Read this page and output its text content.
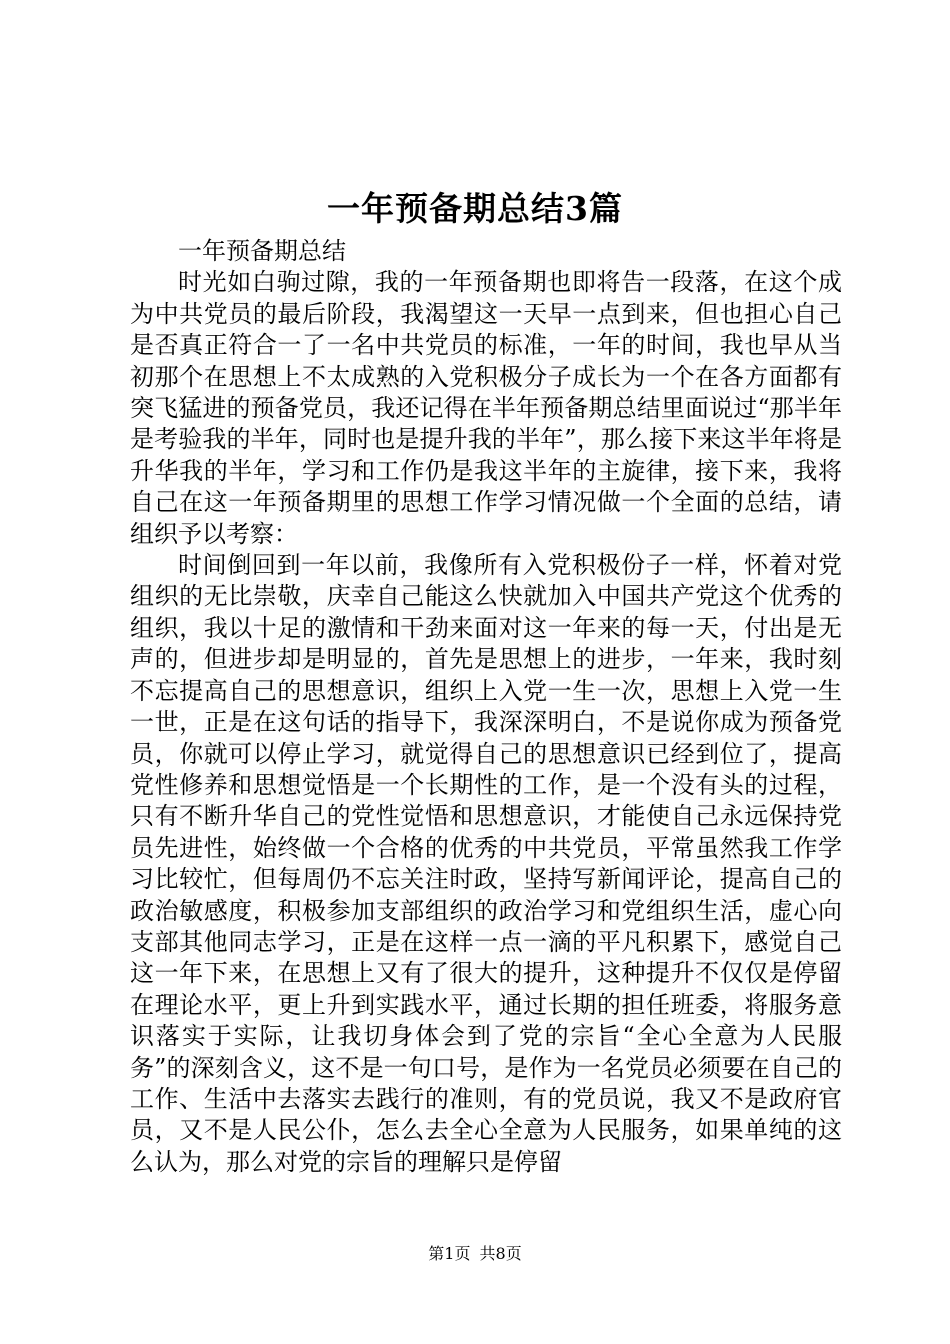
一年预备期总结3篇

一年预备期总结

时光如白驹过隙，我的一年预备期也即将告一段落，在这个成为中共党员的最后阶段，我渴望这一天早一点到来，但也担心自己是否真正符合一了一名中共党员的标准，一年的时间，我也早从当初那个在思想上不太成熟的入党积极分子成长为一个在各方面都有突飞猛进的预备党员，我还记得在半年预备期总结里面说过“那半年是考验我的半年，同时也是提升我的半年”，那么接下来这半年将是升华我的半年，学习和工作仍是我这半年的主旋律，接下来，我将自己在这一年预备期里的思想工作学习情况做一个全面的总结，请组织予以考察：

时间倒回到一年以前，我像所有入党积极份子一样，怀着对党组织的无比崇敬，庆幸自己能这么快就加入中国共产党这个优秀的组织，我以十足的激情和干劲来面对这一年来的每一天，付出是无声的，但进步却是明显的，首先是思想上的进步，一年来，我时刻不忘提高自己的思想意识，组织上入党一生一次，思想上入党一生一世，正是在这句话的指导下，我深深明白，不是说你成为预备党员，你就可以停止学习，就觉得自己的思想意识已经到位了，提高党性修养和思想觉悟是一个长期性的工作，是一个没有头的过程，只有不断升华自己的党性觉悟和思想意识，才能使自己永远保持党员先进性，始终做一个合格的优秀的中共党员，平常虽然我工作学习比较忙，但每周仍不忘关注时政，坚持写新闻评论，提高自己的政治敏感度，积极参加支部组织的政治学习和党组织生活，虚心向支部其他同志学习，正是在这样一点一滴的平凡积累下，感觉自己这一年下来，在思想上又有了很大的提升，这种提升不仅仅是停留在理论水平，更上升到实践水平，通过长期的担任班委，将服务意识落实于实际，让我切身体会到了党的宗旨“全心全意为人民服务”的深刻含义，这不是一句口号，是作为一名党员必须要在自己的工作、生活中去落实去践行的准则，有的党员说，我又不是政府官员，又不是人民公仆，怎么去全心全意为人民服务，如果单纯的这么认为，那么对党的宗旨的理解只是停留

第1页 共8页
